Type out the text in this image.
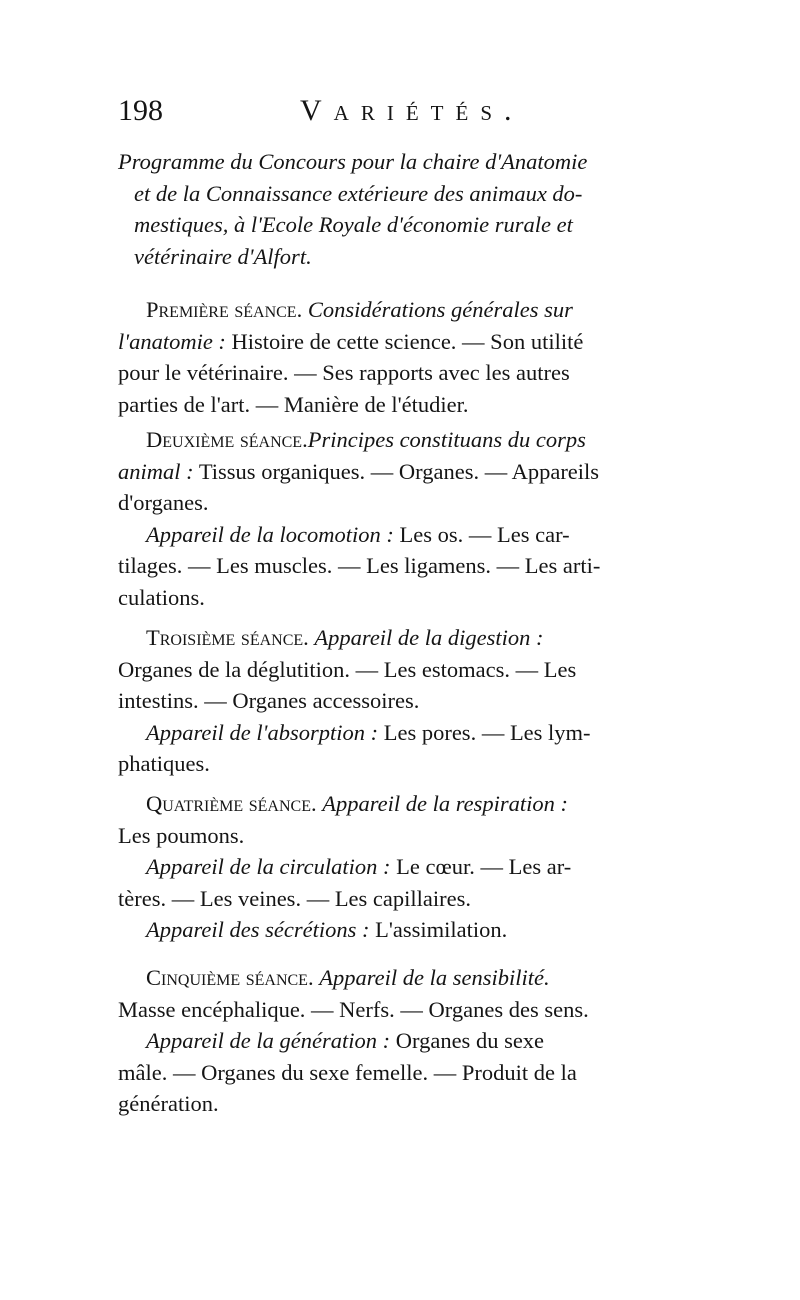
198	Variétés.
Programme du Concours pour la chaire d'Anatomie
et de la Connaissance extérieure des animaux do-
mestiques, à l'Ecole Royale d'économie rurale et
vétérinaire d'Alfort.
Première séance. Considérations générales sur
l'anatomie : Histoire de cette science. — Son utilité
pour le vétérinaire. — Ses rapports avec les autres
parties de l'art. — Manière de l'étudier.
Deuxième séance.Principes constituans du corps
animal : Tissus organiques. — Organes. — Appareils
d'organes.
Appareil de la locomotion : Les os. — Les car-
tilages. — Les muscles. — Les ligamens. — Les arti-
culations.
Troisième séance. Appareil de la digestion :
Organes de la déglutition. — Les estomacs. — Les
intestins. — Organes accessoires.
Appareil de l'absorption : Les pores. — Les lym-
phatiques.
Quatrième séance. Appareil de la respiration :
Les poumons.
Appareil de la circulation : Le cœur. — Les ar-
tères. — Les veines. — Les capillaires.
Appareil des sécrétions : L'assimilation.
Cinquième séance. Appareil de la sensibilité.
Masse encéphalique. — Nerfs. — Organes des sens.
Appareil de la génération : Organes du sexe
mâle. — Organes du sexe femelle. — Produit de la
génération.
